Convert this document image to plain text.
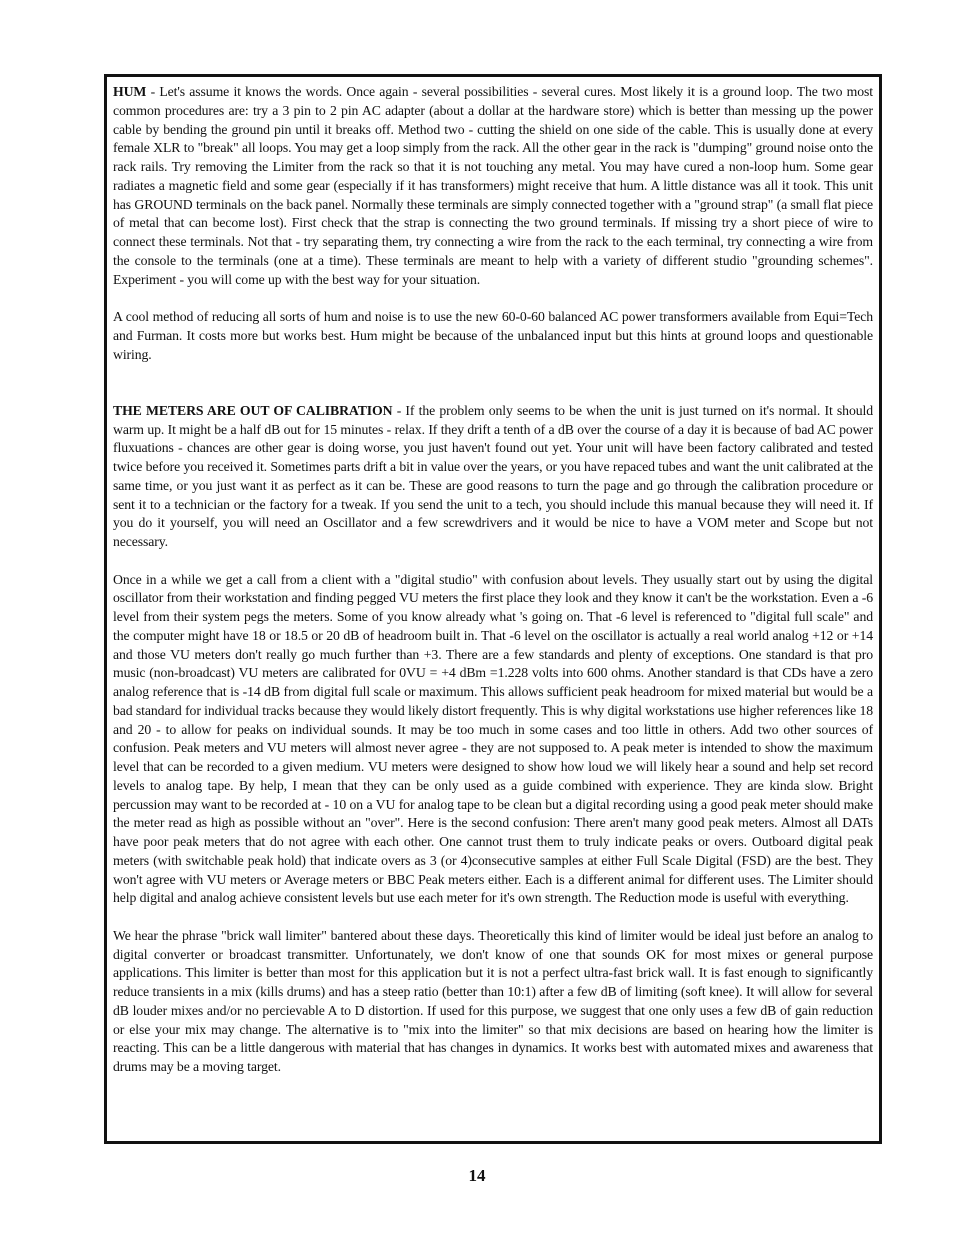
HUM - Let's assume it knows the words. Once again - several possibilities - several cures. Most likely it is a ground loop. The two most common procedures are: try a 3 pin to 2 pin AC adapter (about a dollar at the hardware store) which is better than messing up the power cable by bending the ground pin until it breaks off. Method two - cutting the shield on one side of the cable. This is usually done at every female XLR to "break" all loops. You may get a loop simply from the rack. All the other gear in the rack is "dumping" ground noise onto the rack rails. Try removing the Limiter from the rack so that it is not touching any metal. You may have cured a non-loop hum. Some gear radiates a magnetic field and some gear (especially if it has transformers) might receive that hum. A little distance was all it took. This unit has GROUND terminals on the back panel. Normally these terminals are simply connected together with a "ground strap" (a small flat piece of metal that can become lost). First check that the strap is connecting the two ground terminals. If missing try a short piece of wire to connect these terminals. Not that - try separating them, try connecting a wire from the rack to the each terminal, try connecting a wire from the console to the terminals (one at a time). These terminals are meant to help with a variety of different studio "grounding schemes". Experiment - you will come up with the best way for your situation.

A cool method of reducing all sorts of hum and noise is to use the new 60-0-60 balanced AC power transformers available from Equi=Tech and Furman. It costs more but works best. Hum might be because of the unbalanced input but this hints at ground loops and questionable wiring.

THE METERS ARE OUT OF CALIBRATION - If the problem only seems to be when the unit is just turned on it's normal. It should warm up. It might be a half dB out for 15 minutes - relax. If they drift a tenth of a dB over the course of a day it is because of bad AC power fluxuations - chances are other gear is doing worse, you just haven't found out yet. Your unit will have been factory calibrated and tested twice before you received it. Sometimes parts drift a bit in value over the years, or you have repaced tubes and want the unit calibrated at the same time, or you just want it as perfect as it can be. These are good reasons to turn the page and go through the calibration procedure or sent it to a technician or the factory for a tweak. If you send the unit to a tech, you should include this manual because they will need it. If you do it yourself, you will need an Oscillator and a few screwdrivers and it would be nice to have a VOM meter and Scope but not necessary.

Once in a while we get a call from a client with a "digital studio" with confusion about levels. They usually start out by using the digital oscillator from their workstation and finding pegged VU meters the first place they look and they know it can't be the workstation. Even a -6 level from their system pegs the meters. Some of you know already what 's going on. That -6 level is referenced to "digital full scale" and the computer might have 18 or 18.5 or 20 dB of headroom built in. That -6 level on the oscillator is actually a real world analog +12 or +14 and those VU meters don't really go much further than +3. There are a few standards and plenty of exceptions. One standard is that pro music (non-broadcast) VU meters are calibrated for 0VU = +4 dBm =1.228 volts into 600 ohms. Another standard is that CDs have a zero analog reference that is -14 dB from digital full scale or maximum. This allows sufficient peak headroom for mixed material but would be a bad standard for individual tracks because they would likely distort frequently. This is why digital workstations use higher references like 18 and 20 - to allow for peaks on individual sounds. It may be too much in some cases and too little in others. Add two other sources of confusion. Peak meters and VU meters will almost never agree - they are not supposed to. A peak meter is intended to show the maximum level that can be recorded to a given medium. VU meters were designed to show how loud we will likely hear a sound and help set record levels to analog tape. By help, I mean that they can be only used as a guide combined with experience. They are kinda slow. Bright percussion may want to be recorded at - 10 on a VU for analog tape to be clean but a digital recording using a good peak meter should make the meter read as high as possible without an "over". Here is the second confusion: There aren't many good peak meters. Almost all DATs have poor peak meters that do not agree with each other. One cannot trust them to truly indicate peaks or overs. Outboard digital peak meters (with switchable peak hold) that indicate overs as 3 (or 4)consecutive samples at either Full Scale Digital (FSD) are the best. They won't agree with VU meters or Average meters or BBC Peak meters either. Each is a different animal for different uses. The Limiter should help digital and analog achieve consistent levels but use each meter for it's own strength. The Reduction mode is useful with everything.

We hear the phrase "brick wall limiter" bantered about these days. Theoretically this kind of limiter would be ideal just before an analog to digital converter or broadcast transmitter. Unfortunately, we don't know of one that sounds OK for most mixes or general purpose applications. This limiter is better than most for this application but it is not a perfect ultra-fast brick wall. It is fast enough to significantly reduce transients in a mix (kills drums) and has a steep ratio (better than 10:1) after a few dB of limiting (soft knee). It will allow for several dB louder mixes and/or no percievable A to D distortion. If used for this purpose, we suggest that one only uses a few dB of gain reduction or else your mix may change. The alternative is to "mix into the limiter" so that mix decisions are based on hearing how the limiter is reacting. This can be a little dangerous with material that has changes in dynamics. It works best with automated mixes and awareness that drums may be a moving target.

14
